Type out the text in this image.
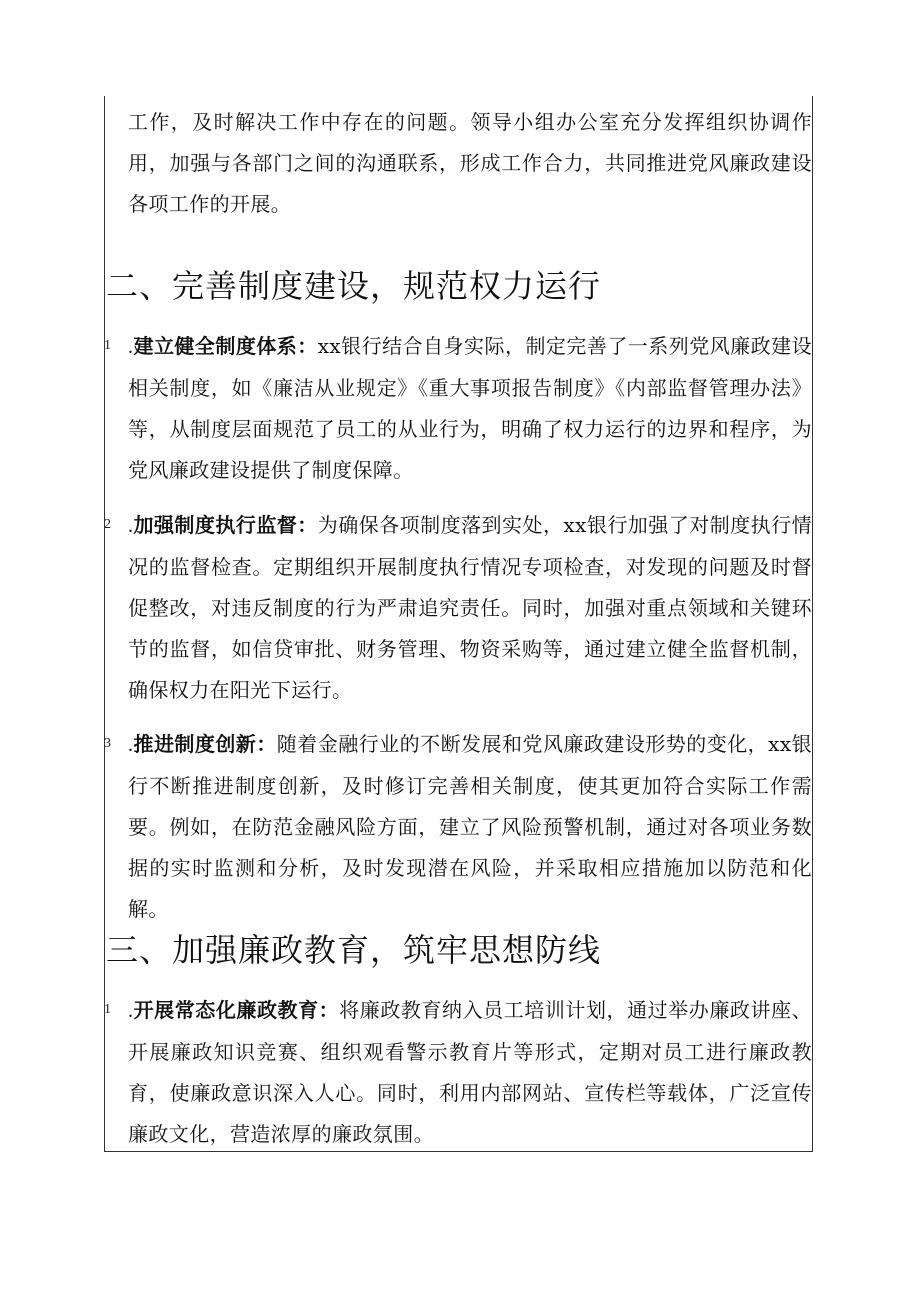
工作，及时解决工作中存在的问题。领导小组办公室充分发挥组织协调作用，加强与各部门之间的沟通联系，形成工作合力，共同推进党风廉政建设各项工作的开展。
二、完善制度建设，规范权力运行
1 .建立健全制度体系：xx银行结合自身实际，制定完善了一系列党风廉政建设相关制度，如《廉洁从业规定》《重大事项报告制度》《内部监督管理办法》等，从制度层面规范了员工的从业行为，明确了权力运行的边界和程序，为党风廉政建设提供了制度保障。
2 .加强制度执行监督：为确保各项制度落到实处，xx银行加强了对制度执行情况的监督检查。定期组织开展制度执行情况专项检查，对发现的问题及时督促整改，对违反制度的行为严肃追究责任。同时，加强对重点领域和关键环节的监督，如信贷审批、财务管理、物资采购等，通过建立健全监督机制，确保权力在阳光下运行。
3 .推进制度创新：随着金融行业的不断发展和党风廉政建设形势的变化，xx银行不断推进制度创新，及时修订完善相关制度，使其更加符合实际工作需要。例如，在防范金融风险方面，建立了风险预警机制，通过对各项业务数据的实时监测和分析，及时发现潜在风险，并采取相应措施加以防范和化解。
三、加强廉政教育，筑牢思想防线
1 .开展常态化廉政教育：将廉政教育纳入员工培训计划，通过举办廉政讲座、开展廉政知识竞赛、组织观看警示教育片等形式，定期对员工进行廉政教育，使廉政意识深入人心。同时，利用内部网站、宣传栏等载体，广泛宣传廉政文化，营造浓厚的廉政氛围。
